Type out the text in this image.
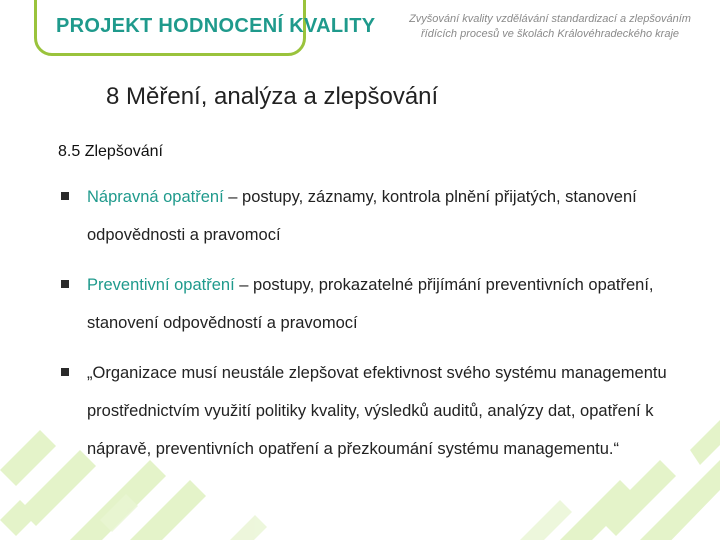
PROJEKT HODNOCENÍ KVALITY	Zvyšování kvality vzdělávání standardizací a zlepšováním
řídících procesů ve školách Královéhradeckého kraje
8 Měření, analýza a zlepšování
8.5 Zlepšování
Nápravná opatření – postupy, záznamy, kontrola plnění přijatých, stanovení odpovědnosti a pravomocí
Preventivní opatření – postupy, prokazatelné přijímání preventivních opatření, stanovení odpovědností a pravomocí
„Organizace musí neustále zlepšovat efektivnost svého systému managementu prostřednictvím využití politiky kvality, výsledků auditů, analýzy dat, opatření k nápravě, preventivních opatření a přezkoumání systému managementu.“
